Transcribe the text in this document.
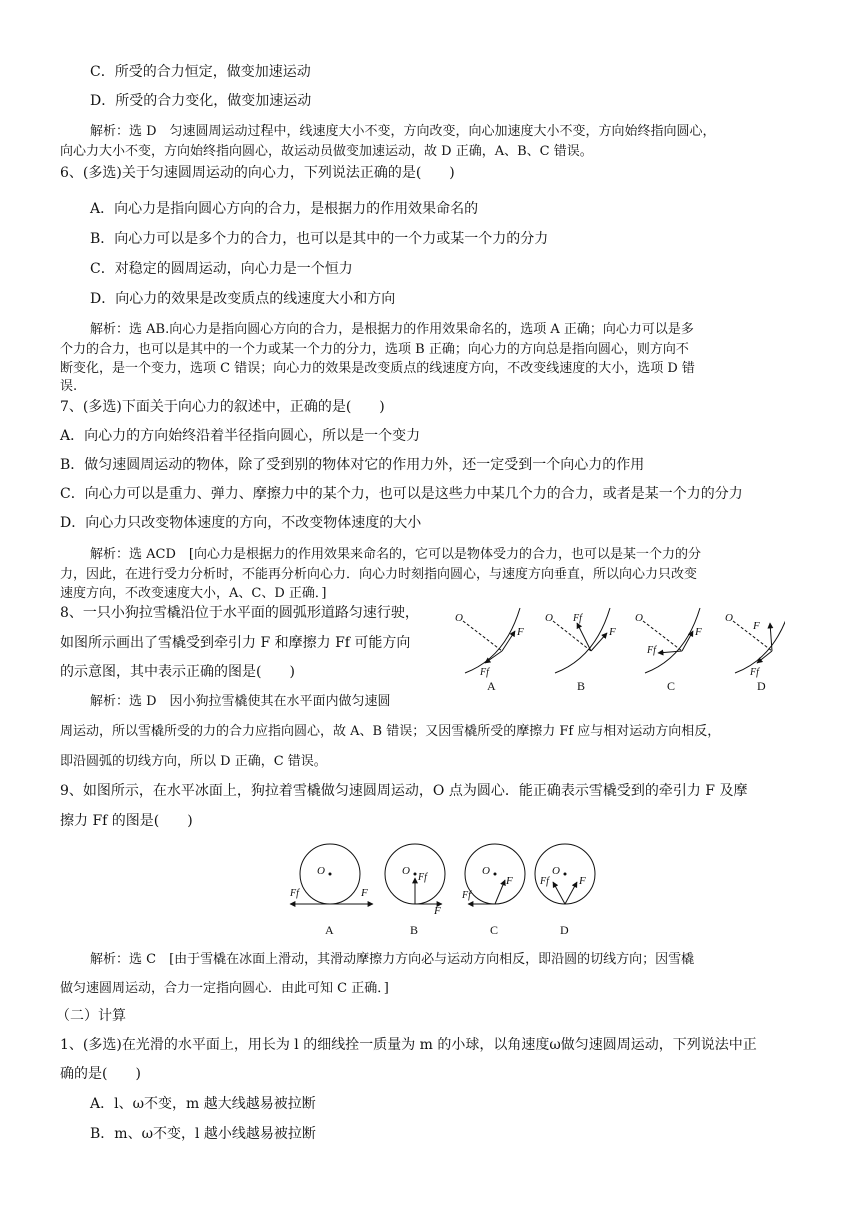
C．所受的合力恒定，做变加速运动
D．所受的合力变化，做变加速运动
解析：选 D　匀速圆周运动过程中，线速度大小不变，方向改变，向心加速度大小不变，方向始终指向圆心，
向心力大小不变，方向始终指向圆心，故运动员做变加速运动，故 D 正确，A、B、C 错误。
6、(多选)关于匀速圆周运动的向心力，下列说法正确的是(　　)
A．向心力是指向圆心方向的合力，是根据力的作用效果命名的
B．向心力可以是多个力的合力，也可以是其中的一个力或某一个力的分力
C．对稳定的圆周运动，向心力是一个恒力
D．向心力的效果是改变质点的线速度大小和方向
解析：选 AB.向心力是指向圆心方向的合力，是根据力的作用效果命名的，选项 A 正确；向心力可以是多
个力的合力，也可以是其中的一个力或某一个力的分力，选项 B 正确；向心力的方向总是指向圆心，则方向不
断变化，是一个变力，选项 C 错误；向心力的效果是改变质点的线速度方向，不改变线速度的大小，选项 D 错
误.
7、(多选)下面关于向心力的叙述中，正确的是(　　)
A．向心力的方向始终沿着半径指向圆心，所以是一个变力
B．做匀速圆周运动的物体，除了受到别的物体对它的作用力外，还一定受到一个向心力的作用
C．向心力可以是重力、弹力、摩擦力中的某个力，也可以是这些力中某几个力的合力，或者是某一个力的分力
D．向心力只改变物体速度的方向，不改变物体速度的大小
解析：选 ACD　[向心力是根据力的作用效果来命名的，它可以是物体受力的合力，也可以是某一个力的分
力，因此，在进行受力分析时，不能再分析向心力．向心力时刻指向圆心，与速度方向垂直，所以向心力只改变
速度方向，不改变速度大小，A、C、D 正确．]
8、一只小狗拉雪橇沿位于水平面的圆弧形道路匀速行驶，
如图所示画出了雪橇受到牵引力 F 和摩擦力 Ff 可能方向
的示意图，其中表示正确的图是(　　)
解析：选 D　因小狗拉雪橇使其在水平面内做匀速圆
周运动，所以雪橇所受的力的合力应指向圆心，故 A、B 错误；又因雪橇所受的摩擦力 Ff 应与相对运动方向相反，
即沿圆弧的切线方向，所以 D 正确，C 错误。
9、如图所示，在水平冰面上，狗拉着雪橇做匀速圆周运动，O 点为圆心．能正确表示雪橇受到的牵引力 F 及摩
擦力 Ff 的图是(　　)
解析：选 C　[由于雪橇在冰面上滑动，其滑动摩擦力方向必与运动方向相反，即沿圆的切线方向；因雪橇
做匀速圆周运动，合力一定指向圆心．由此可知 C 正确．]
（二）计算
1、(多选)在光滑的水平面上，用长为 l 的细线拴一质量为 m 的小球，以角速度ω做匀速圆周运动，下列说法中正
确的是(　　)
A．l、ω不变，m 越大线越易被拉断
B．m、ω不变，l 越小线越易被拉断
O
F
Ff
A
O
F
Ff
B
O
F
Ff
C
O
F
Ff
D
O
F
Ff
A
O
Ff
F
B
O
F
Ff
C
O
F
Ff
D
